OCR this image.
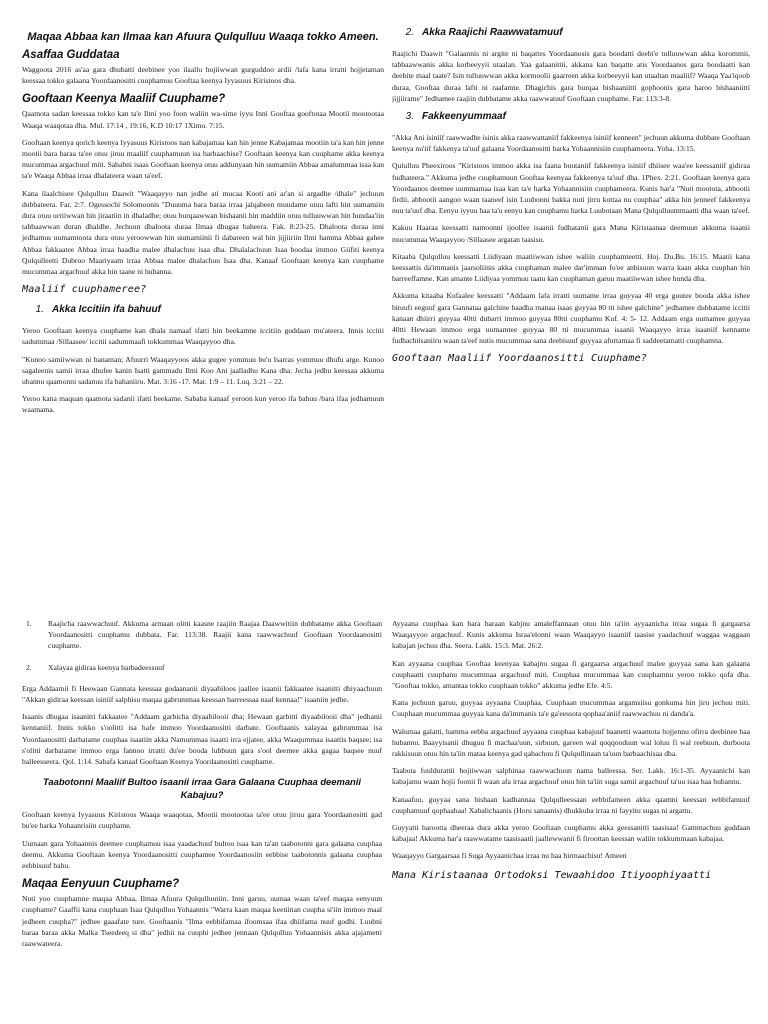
Maqaa Abbaa kan Ilmaa kan Afuura Qulqulluu Waaqa tokko Ameen.
Asaffaa Guddataa

Waggoota 2016 as'aa gara dhubatti deebinee yoo ilaallu hojiiwwan gurguddoo ardii /lafa kana irratti hojjetaman keessaa tokko galaana Yoordaanositti cuuphamuu Gooftaa keenya Iyyasuus Kiristoos dha.

Gooftaan Keenya Maaliif Cuuphame?

Qaamota sadan keessaa tokko kan ta'e Ilmi yoo foon waliin wa-sime iyyu Inni Gooftaa gooftotaa Mootii mootootaa Waaqa waaqotaa dha. Mul. 17:14 , 19:16, K.D 10:17 1Ximo. 7:15.

Gooftaan keenya qorich keenya Iyyasuus Kiristoos nan kabajamaa kan hin jenne Kabajamaa mootiin ta'a kan hin jenne mootii bara baraa ta'ee otuu jiruu maaliif cuuphamuun isa barbaachise? Gooftaan keenya kan cuuphame akka keenya mucummaa argachuuf miti. Sababni isaas Gooftaan keenya otuu addunyaan hin uumamiin Abbaa amalummaa isaa kan ta'e Waaqa Abbaa irraa dhalateera waan ta'eef.

Kana ilaalchisee Qulqulluu Daawit "Waaqayyo nan jedhe ati mucaa Kooti ani ar'an si argadhe /dhale" jechuun dubbateera. Far. 2:7. Ogessochi Solomoonis "Duuuma bara baraa irraa jalqabeen muudame otuu lafti hin uumamiin dura otuu urriiwwan hin jiraatiin in dhaladhe; otuu burqaawwan bishaanii hin maddiin otuu tulluuwwan hin hundaa'iin tabbaawwan duran dhaldhe. Jechuun dhaloota duraa Ilmaa dhugaa baheera. Fak. 8:23-25. Dhaloota duraa inni jedhamus uumamtoota dura otuu yeroowwan hin uumamiinii fi dabareen wal hin jijjiiriin Ilmi hamma Abbaa gahee Abbaa fakkaatee Abbaa irraa haadha malee dhalachuu isaa dha. Dhalalachuun Isaa boodaa immoo Giifiti keenya Qulqulleetti Dubroo Maariyaam irraa Abbaa malee dhalachuu Isaa dha. Kanaaf Gooftaan keenya kan cuuphame mucummaa argachuuf akka hin taane ni hubanna.

Maaliif cuuphameree?
1. Akka Iccitiin ifa bahuuf

Yeroo Gooftaan keenya cuuphame kan dhala namaaf ifatti hin beekamne iccitiin guddaan mu'ateera. Innis iccitii sadummaa /Sillaasee/ iccitii sadummaafi tokkummaa Waaqayyoo dha.

"Kunoo samiiwwan ni banaman; Afuurri Waaqayyoos akka gugee yommuu bu'u Isarras yommuu dhufu arge. Kunoo sagaleenis samii irraa dhufee kanin Isatti gammadu Ilmi Koo Ani jaalladhu Kana dha. Jecha jedhu keessaa akkuma ubannu qaamonni sadanuu ifa bahaniiru. Mat. 3:16 -17. Mar. 1:9 – 11. Luq. 3:21 – 22.

Yeroo kana maquan qaamota sadanii ifatti beekame. Sababa kanaaf yeroon kun yeroo ifa bahuu /bara ifaa jedhamuun waamama.

2. Akka Raajichi Raawwatamuuf

Raajichi Daawit "Galaannis ni argite ni baqattes Yoordaanosis gara boodatti deebi'e tulluuwwan akka korommii, tabbaawwanis akka korbeeyyii utaalan. Yaa galaanittii, akkana kan baqatte atis Yoordaanos gara boodaatti kan deebite maal taate? Isin tulluuwwan akka kormoolii gaarreen akka korbeeyyii kan utaaltan maaliif? Waaqa Yaa'iqoob duraa, Gooftaa duraa lafti ni raafamte. Dhagichis gara burqaa bishaaniitti gophoonis gara haroo bishaaniitti jijjiirame" Jedhamee raajiin dubbatame akka raawwatuuf Gooftaan cuuphame. Far. 113:3-8.

3. Fakkeenyummaaf

"Akka Ani isiniif raawwadhe isinis akka raawwattaniif fakkeenya isiniif kenneen" jechuun akkuma dubbate Gooftaan keenya nu'iif fakkenya ta'uuf galaana Yoordaanositti harka Yohaannisiin cuuphameera. Yoha. 13:15.

Qululluu Pheexiroos "Kiristoos immoo akka isa faana buutaniif fakkeenya isiniif dhiisee waa'ee keessaniif gidiraa fudhateera." Akkuma jedhe cuuphamuun Gooftaa keenyaa fakkeenya ta'uuf dha. 1Phex. 2:21. Gooftaan keenya gara Yoordaanos deemee uummamaa isaa kan ta'e harka Yohaannisiin cuuphameera. Kunis har'a "Nuti mootota, abbootii firdii, abbootii aangoo waan taaneef isin Luubonni bakka nuti jirru kottaa nu cuuphaa" akka hin jenneef fakkeenya nuu ta'uuf dha. Eenyu iyyuu haa ta'u eenyu kan cuuphamu harka Luubotaan Mana Qulqulluummaatti dha waan ta'eef.

Kakuu Haaraa keessatti namoonni ijoollee isaanii fudhatanii gara Mana Kiristaanaa deemuun akkuma isaanii mucummaa Waaqayyoo /Sillaasee argatan taasisu.

Kitaaba Qulqulluu keessatti Liidiyaan maatiiwwan ishee waliin cuuphamteetti. Hoj. Du.Bu. 16:15. Maatii kana keessattis da'immanis jaarsoliinis akka cuuphaman malee dar'imman fo'ee anbisuun warra kaan akka cuuphan hin barreeffamne. Kan amante Liidiyaa yommuu taatu kan cuuphaman garuu maatiiwwan ishee hunda dha.

Akkuma kitaaba Kufaalee keessatti "Addaam lafa irratti uumame irraa guyyaa 40 erga guutee booda akka ishee bituufi eeguuf gara Gannataa galchine haadha manaa isaas guyyaa 80 tti ishee galchine" jedhamee dubbatame iccitii kanaan dhiirri guyyaa 40tti dubarri immoo guyyaa 80tti cuuphamu Kuf. 4: 5- 12. Addaam erga uumamee guyyaa 40tti Hewaan immoo erga uumamtee guyyaa 80 tti mucummaa isaanii Waaqayyo irraa isaaniif kenname fudhachiisaniiru waan ta'eef nutis mucummaa sana deebisuuf guyyaa afurtamaa fi saddeetamatti cuuphamna.

Gooftaan Maaliif Yoordaanositti Cuuphame?
1.	Raajicha raawwachuuf. Akkuma armaan olitti kaasne raajiin Raajaa Daawwitiin dubbatame akka Gooftaan Yoordaanositti cuuphamu dubbata. Far. 113:38. Raajii kana raawwachuuf Gooftaan Yoordaanositti cuuphame.
2.	Xalayaa gidiraa keenya barbadeessuuf

Erga Addaamii fi Heewaan Gannata keessaa godaananii diyaabiloos jaallee isaanii fakkaatee isaanitti dhiyaachuun "Akkan gidiraa keessan isiniif salphisu maqaa gabrummaa keessan barreessaa naaf kennaa!" isaaniin jedhe.

Isaanis dhugaa isaanitti fakkaatee "Addaam garbicha diyaabilooii dha; Hewaan garbitti diyaabilooii dha" jedhanii kennaniif. Innis tokko s'oolitti isa hafe immoo Yoordaanositti darbate. Gooftaanis xalayaa gabrummaa isa Yoordaanositti darbatame cuuphaa isaatiin akka Namummaa isaatti irra ejjatee, akka Waaqummaa isaattis baqsee; isa s'olitti darbatame immoo erga fannoo irratti du'ee booda lubbuun gara s'ool deemee akka gagaa baqsee nuuf balleesseera. Qol. 1:14. Sabafa kanaaf Gooftaan Keenya Yoordaanositti cuuphame.

Taabotonni Maaliif Bultoo isaanii irraa Gara Galaana Cuuphaa deemanii Kabajuu?

Gooftaan keenya Iyyasuus Kiristoos Waaqa waaqotaa, Mootii mootootaa ta'ee otuu jiruu gara Yoordaanositti gad bu'ee harka Yohaanrisiin cuuphame.

Uumaan gara Yohaannis deemee cuuphamuu isaa yaadachuuf bultoo isaa kan ta'an taabotonni gara galaana cuuphaa deemu. Akkuma Gooftaan keenya Yoordaanositti cuuphamee Yoordaanosiin eebbise taabotonnis galaana cuuphaa eebbisuuf bahu.

Maqaa Eenyuun Cuuphame?

Nuti yoo cuuphamne maqaa Abbaa, Ilmaa Afuura Qulqulluutiin. Inni garuu, uumaa waan ta'eef maqaa eenyuun cuuphame? Gaaffii kana cuuphaan Isaa Qulqulluu Yohaannis "Warra kaan maqaa keetiinan cuupha si'iin immoo maal jedheen cuupha?" jedhee gaaafate ture. Gooftaanis "Ilma eebbifamaa ifoomsaa ifaa dhiifama nuuf godhi. Luubni baraa baraa akka Malka Tseedeeq si dha" jedhii na cuuphi jedhee jennaan Qulqulluu Yohaannisis akka ajajametti raawwateera.

Ayyaana cuuphaa kan bara baraan kabjnu amaleffannaan otuu hin ta'iin ayyaanicha irraa sugaa fi gargaarsa Waaqayyoo argachuuf. Kunis akkuma Israa'elonni waan Waaqayyo isaaniif taasise yaadachuuf waggaa waggaan kabajan jechuu dha. Seera. Lakk. 15:3. Mat. 26:2.

Kan ayyaana cuuphaa Gooftaa keenyaa kabajnu sugaa fi gargaarsa argachuuf malee guyyaa sana kan galaana cuuphaatti cuuphanu mucummaa argachuuf miti. Cuuphaa mucummaa kan cuuphamnu yeroo tokko qofa dha. "Gooftaa tokko, amantaa tokko cuuphaan tokko" akkuma jedhe Efe. 4:5.

Kana jechuun garuu, guyyaa ayyaana Cuuphaa, Cuuphaan mucummaa argamsiisu gonkuma hin jiru jechuu miti. Cuuphaan mucummaa guyyaa kana da'immanis ta'e ga'eessota qophaa'aniif raawwachuu ni danda'a.

Walumaa galatti, hamma eebba argachuuf ayyaana cuuphaa kabajuuf baanetti waantota hojjennu ofirra deebinee haa hubannu. Baayyisanii dhuguu fi machaa'uun, sirbuun, gareen wal qoqqooduun wal loluu fi wal reebuun, durboota rakkisuun otuu hin ta'iin mataa keenya gad qabachuu fi Qulqullinaan ta'uun barbaachisaa dha.

Taabota fuuldurattii hojiiwwan salphinaa raawwachuun nama balleessa. Ser. Lakk. 16:1-35. Ayyaanichi kan kabajamu waan hojii foonii fi waan afa irraa argachuuf otuu hin ta'iin suga samii argachuuf ta'uu isaa haa hubannu.

Kanaafuu, guyyaa sana bishaan kadhannaa Qulqulleessaan eebbifameen akka qaamni keessan eebbifamuuf cuuphamuuf qophaahaa! Xabalichaanis (Horu sanaanis) dhukkuba irraa ni fayyitu sugas ni argattu.

Guyyatti barootta dheeraa dura akka yeroo Gooftaan cuuphamu akka geessanitti taasisaa! Gammachuu guddaan kabajaa! Akkuma har'a raawwatame taasisaatii jaallewwanii fi firoottan keessan waliin tokkummaan kabajaa.

Waaqayyo Gargaarsaa fi Suga Ayyaanichaa irraa nu haa hirmaachisu! Ameen

Mana Kiristaanaa Ortodoksi Tewaahidoo Itiyoophiyaatti
